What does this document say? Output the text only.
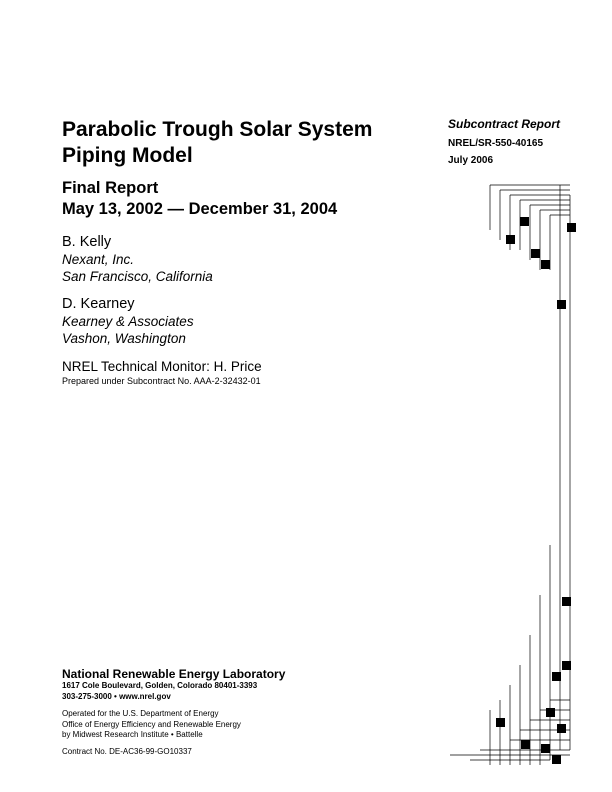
Parabolic Trough Solar System
Piping Model
Final Report
May 13, 2002 — December 31, 2004
B. Kelly
Nexant, Inc.
San Francisco, California
D. Kearney
Kearney & Associates
Vashon, Washington
NREL Technical Monitor: H. Price
Prepared under Subcontract No. AAA-2-32432-01
Subcontract Report
NREL/SR-550-40165
July 2006
National Renewable Energy Laboratory
1617 Cole Boulevard, Golden, Colorado 80401-3393
303-275-3000 • www.nrel.gov
Operated for the U.S. Department of Energy
Office of Energy Efficiency and Renewable Energy
by Midwest Research Institute • Battelle
Contract No. DE-AC36-99-GO10337
